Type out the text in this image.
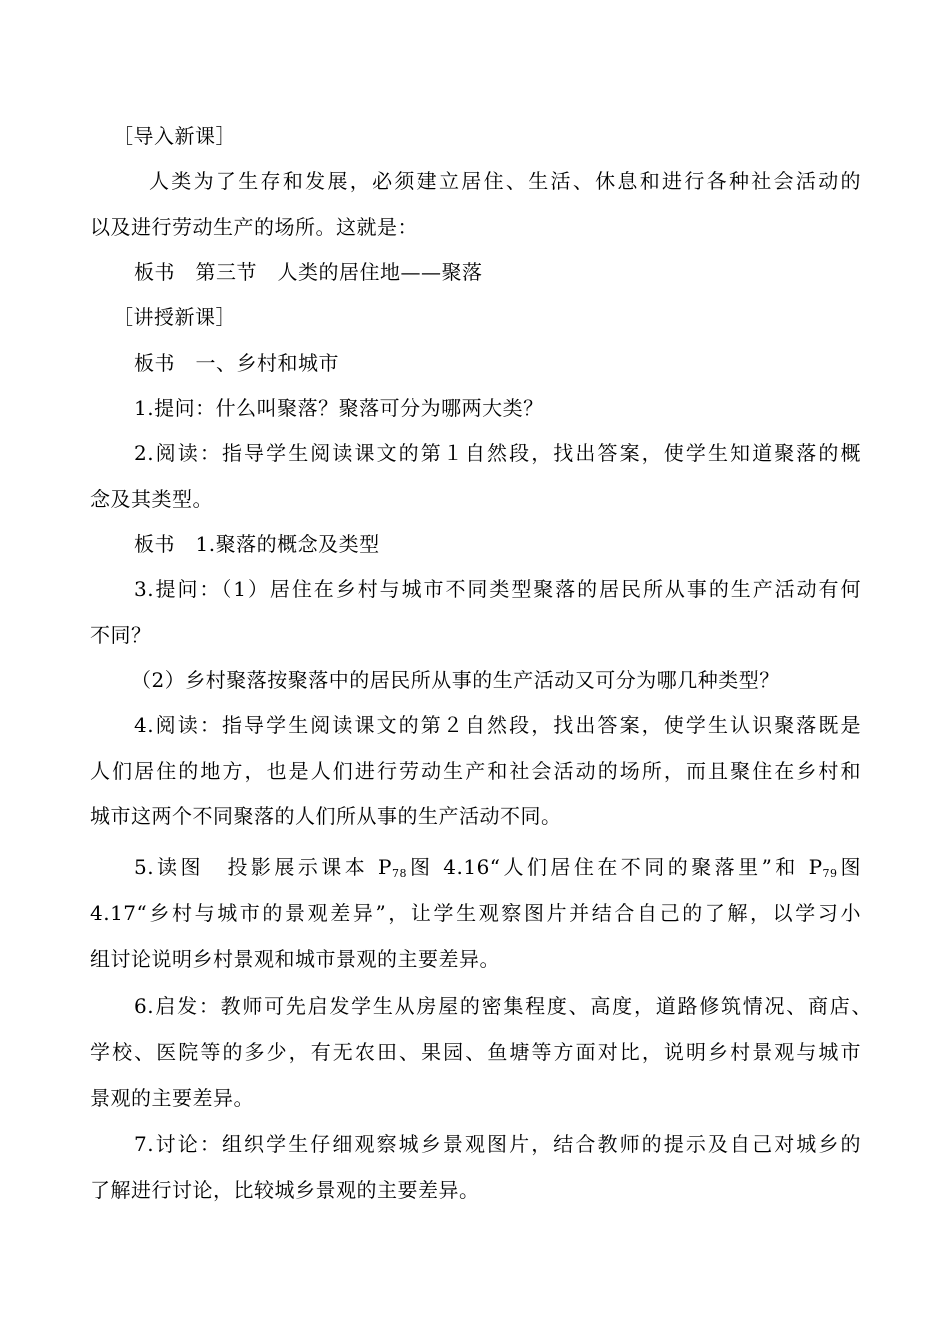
［导入新课］
人类为了生存和发展，必须建立居住、生活、休息和进行各种社会活动的
以及进行劳动生产的场所。这就是：
板书　第三节　人类的居住地——聚落
［讲授新课］
板书　一、乡村和城市
1.提问：什么叫聚落？聚落可分为哪两大类？
2.阅读：指导学生阅读课文的第１自然段，找出答案，使学生知道聚落的概
念及其类型。
板书　1.聚落的概念及类型
3.提问：（1）居住在乡村与城市不同类型聚落的居民所从事的生产活动有何
不同？
（2）乡村聚落按聚落中的居民所从事的生产活动又可分为哪几种类型？
4.阅读：指导学生阅读课文的第２自然段，找出答案，使学生认识聚落既是
人们居住的地方，也是人们进行劳动生产和社会活动的场所，而且聚住在乡村和
城市这两个不同聚落的人们所从事的生产活动不同。
5.读图　投影展示课本 $P_{78}$图 4.16“人们居住在不同的聚落里”和 $P_{79}$图
4.17“乡村与城市的景观差异”，让学生观察图片并结合自己的了解，以学习小
组讨论说明乡村景观和城市景观的主要差异。
6.启发：教师可先启发学生从房屋的密集程度、高度，道路修筑情况、商店、
学校、医院等的多少，有无农田、果园、鱼塘等方面对比，说明乡村景观与城市
景观的主要差异。
7.讨论：组织学生仔细观察城乡景观图片，结合教师的提示及自己对城乡的
了解进行讨论，比较城乡景观的主要差异。
